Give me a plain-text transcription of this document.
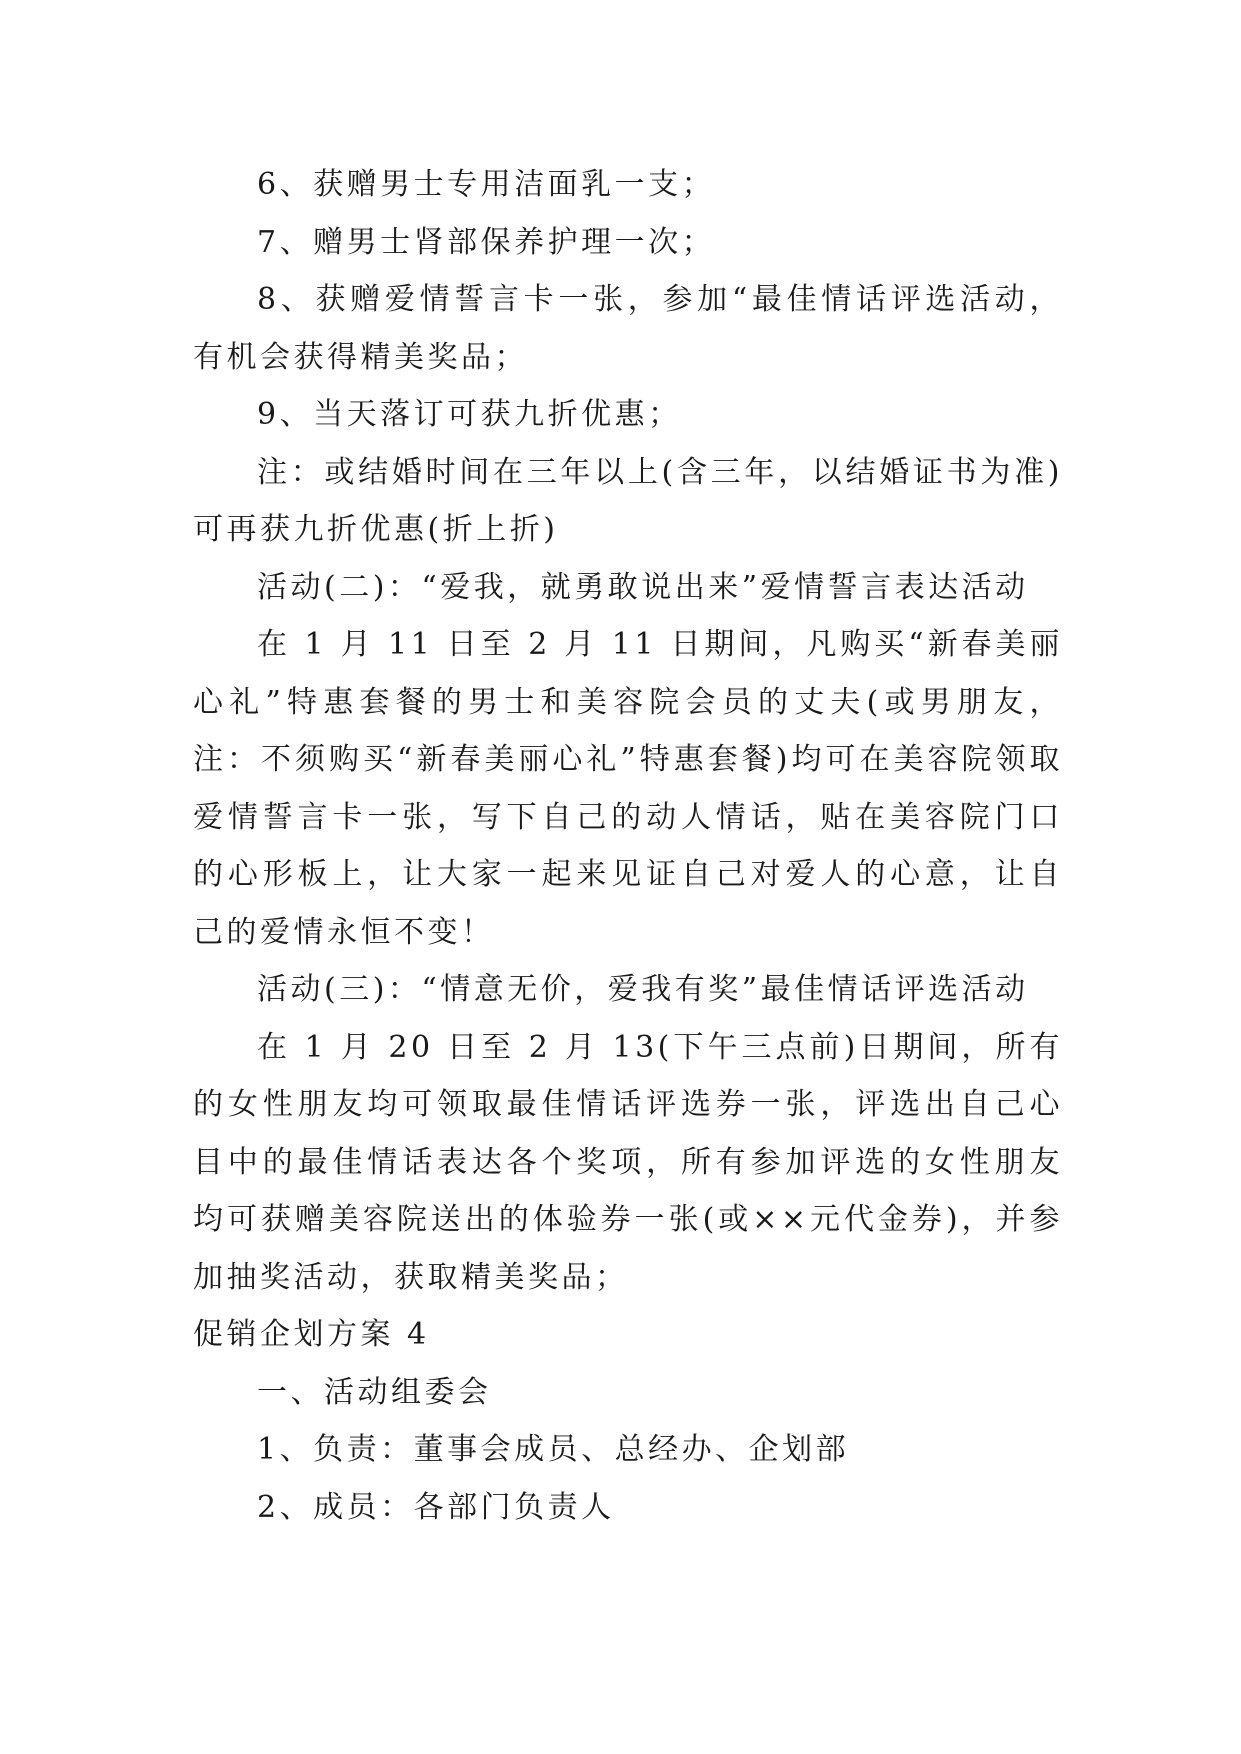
6、获赠男士专用洁面乳一支；

7、赠男士肾部保养护理一次；

8、获赠爱情誓言卡一张，参加“最佳情话评选活动，有机会获得精美奖品；

9、当天落订可获九折优惠；

注：或结婚时间在三年以上(含三年，以结婚证书为准)可再获九折优惠(折上折)

活动(二)：“爱我，就勇敢说出来”爱情誓言表达活动

在 1 月 11 日至 2 月 11 日期间，凡购买“新春美丽心礼”特惠套餐的男士和美容院会员的丈夫(或男朋友，注：不须购买“新春美丽心礼”特惠套餐)均可在美容院领取爱情誓言卡一张，写下自己的动人情话，贴在美容院门口的心形板上，让大家一起来见证自己对爱人的心意，让自己的爱情永恒不变！

活动(三)：“情意无价，爱我有奖”最佳情话评选活动

在 1 月 20 日至 2 月 13(下午三点前)日期间，所有的女性朋友均可领取最佳情话评选券一张，评选出自己心目中的最佳情话表达各个奖项，所有参加评选的女性朋友均可获赠美容院送出的体验券一张(或××元代金券)，并参加抽奖活动，获取精美奖品；

促销企划方案 4

一、活动组委会

1、负责：董事会成员、总经办、企划部

2、成员：各部门负责人
